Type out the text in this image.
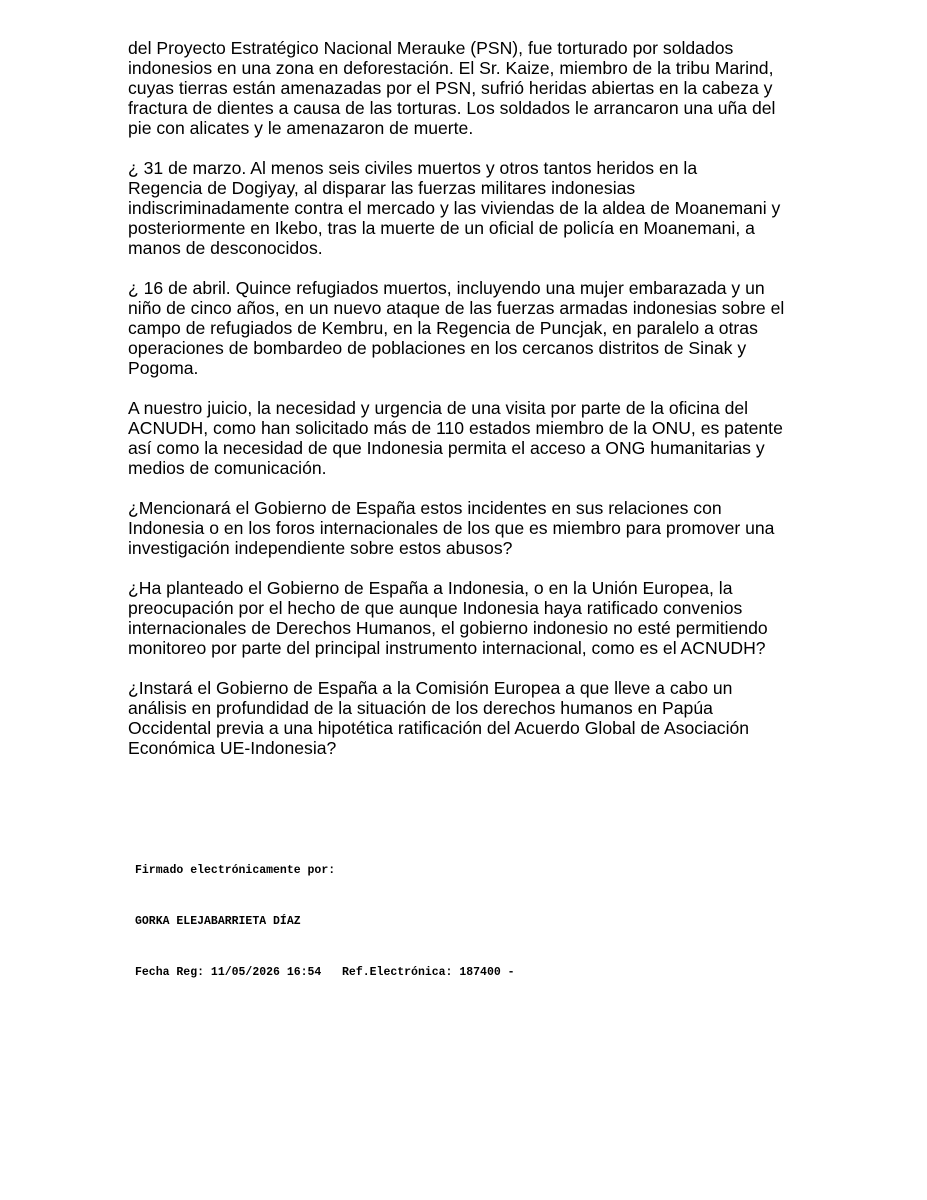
del Proyecto Estratégico Nacional Merauke (PSN), fue torturado por soldados
indonesios en una zona en deforestación. El Sr. Kaize, miembro de la tribu Marind,
cuyas tierras están amenazadas por el PSN, sufrió heridas abiertas en la cabeza y
fractura de dientes a causa de las torturas. Los soldados le arrancaron una uña del
pie con alicates y le amenazaron de muerte.

¿ 31 de marzo. Al menos seis civiles muertos y otros tantos heridos en la
Regencia de Dogiyay, al disparar las fuerzas militares indonesias
indiscriminadamente contra el mercado y las viviendas de la aldea de Moanemani y
posteriormente en Ikebo, tras la muerte de un oficial de policía en Moanemani, a
manos de desconocidos.

¿ 16 de abril. Quince refugiados muertos, incluyendo una mujer embarazada y un
niño de cinco años, en un nuevo ataque de las fuerzas armadas indonesias sobre el
campo de refugiados de Kembru, en la Regencia de Puncjak, en paralelo a otras
operaciones de bombardeo de poblaciones en los cercanos distritos de Sinak y
Pogoma.

A nuestro juicio, la necesidad y urgencia de una visita por parte de la oficina del
ACNUDH, como han solicitado más de 110 estados miembro de la ONU, es patente
así como la necesidad de que Indonesia permita el acceso a ONG humanitarias y
medios de comunicación.

¿Mencionará el Gobierno de España estos incidentes en sus relaciones con
Indonesia o en los foros internacionales de los que es miembro para promover una
investigación independiente sobre estos abusos?

¿Ha planteado el Gobierno de España a Indonesia, o en la Unión Europea, la
preocupación por el hecho de que aunque Indonesia haya ratificado convenios
internacionales de Derechos Humanos, el gobierno indonesio no esté permitiendo
monitoreo por parte del principal instrumento internacional, como es el ACNUDH?

¿Instará el Gobierno de España a la Comisión Europea a que lleve a cabo un
análisis en profundidad de la situación de los derechos humanos en Papúa
Occidental previa a una hipotética ratificación del Acuerdo Global de Asociación
Económica UE-Indonesia?

Firmado electrónicamente por:

GORKA ELEJABARRIETA DÍAZ

Fecha Reg: 11/05/2026 16:54   Ref.Electrónica: 187400 -
